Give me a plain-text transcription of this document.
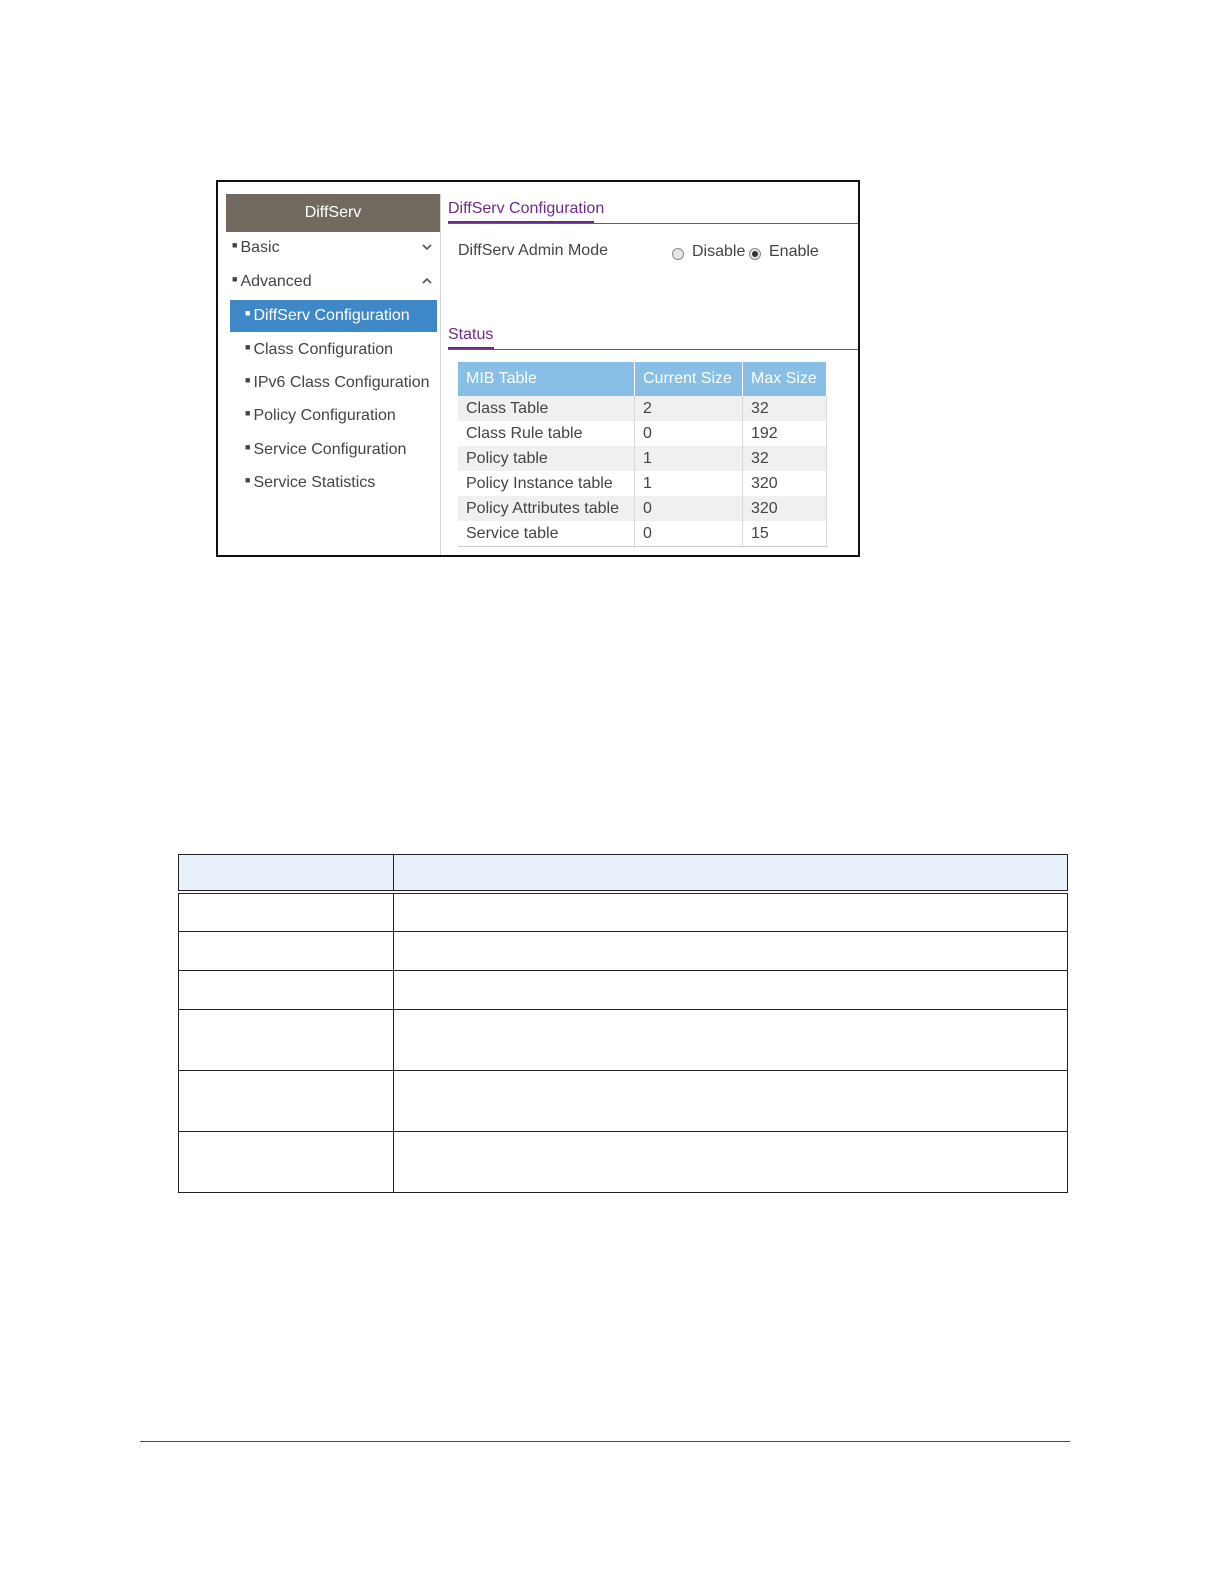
DiffServ
■ Basic
■ Advanced
■ DiffServ Configuration
■ Class Configuration
■ IPv6 Class Configuration
■ Policy Configuration
■ Service Configuration
■ Service Statistics
DiffServ Configuration
DiffServ Admin Mode	Disable Enable
Status
MIB Table	Current Size	Max Size
Class Table	2	32
Class Rule table	0	192
Policy table	1	32
Policy Instance table	1	320
Policy Attributes table	0	320
Service table	0	15
